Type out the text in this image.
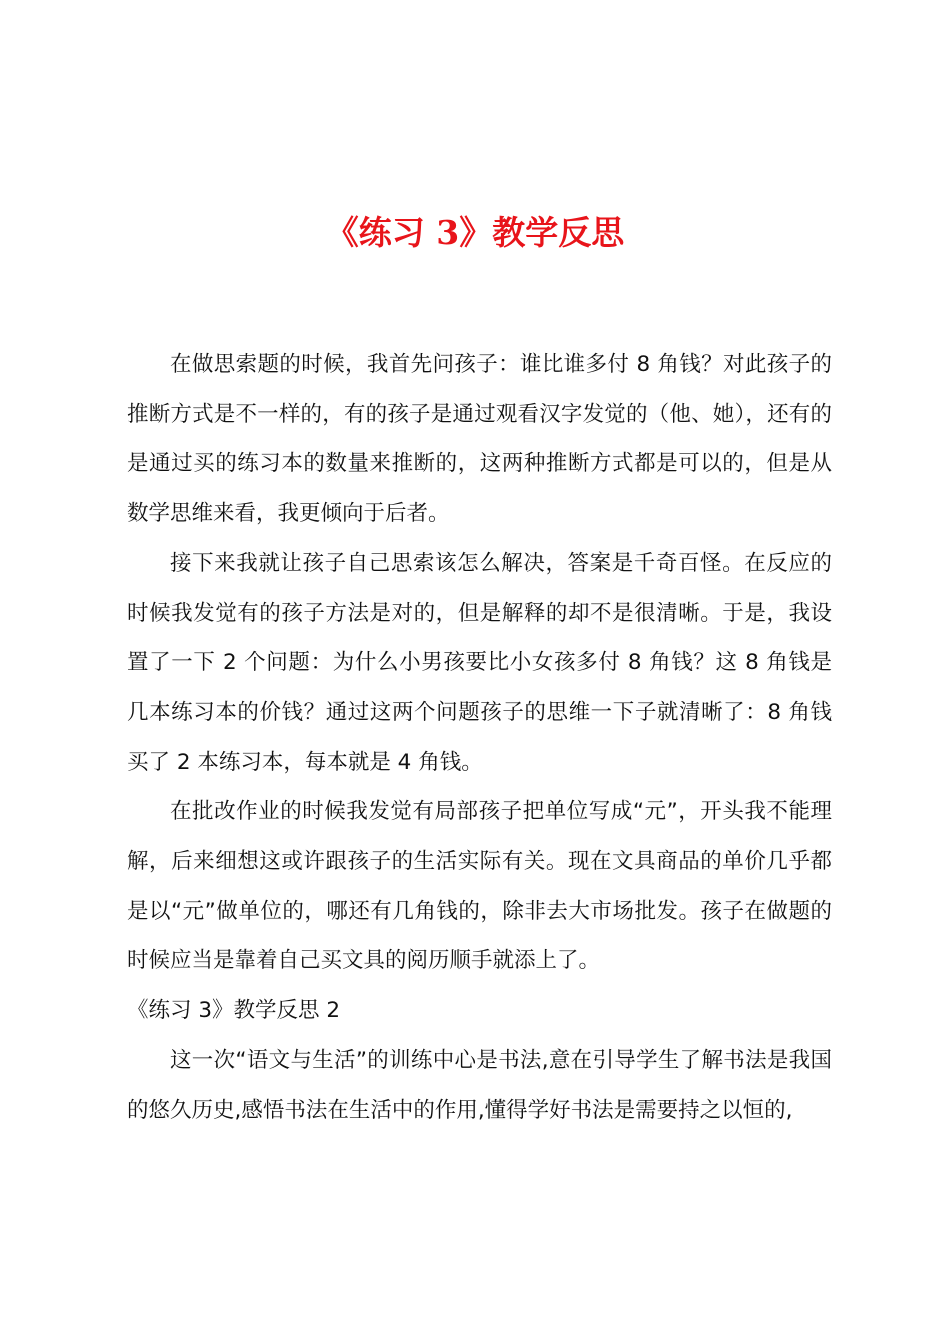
《练习 3》教学反思

在做思索题的时候，我首先问孩子：谁比谁多付 8 角钱？对此孩子的推断方式是不一样的，有的孩子是通过观看汉字发觉的（他、她），还有的是通过买的练习本的数量来推断的，这两种推断方式都是可以的，但是从数学思维来看，我更倾向于后者。

接下来我就让孩子自己思索该怎么解决，答案是千奇百怪。在反应的时候我发觉有的孩子方法是对的，但是解释的却不是很清晰。于是，我设置了一下 2 个问题：为什么小男孩要比小女孩多付 8 角钱？这 8 角钱是几本练习本的价钱？通过这两个问题孩子的思维一下子就清晰了：8 角钱买了 2 本练习本，每本就是 4 角钱。

在批改作业的时候我发觉有局部孩子把单位写成“元”，开头我不能理解，后来细想这或许跟孩子的生活实际有关。现在文具商品的单价几乎都是以“元”做单位的，哪还有几角钱的，除非去大市场批发。孩子在做题的时候应当是靠着自己买文具的阅历顺手就添上了。

《练习 3》教学反思 2

这一次“语文与生活”的训练中心是书法,意在引导学生了解书法是我国的悠久历史,感悟书法在生活中的作用,懂得学好书法是需要持之以恒的,
